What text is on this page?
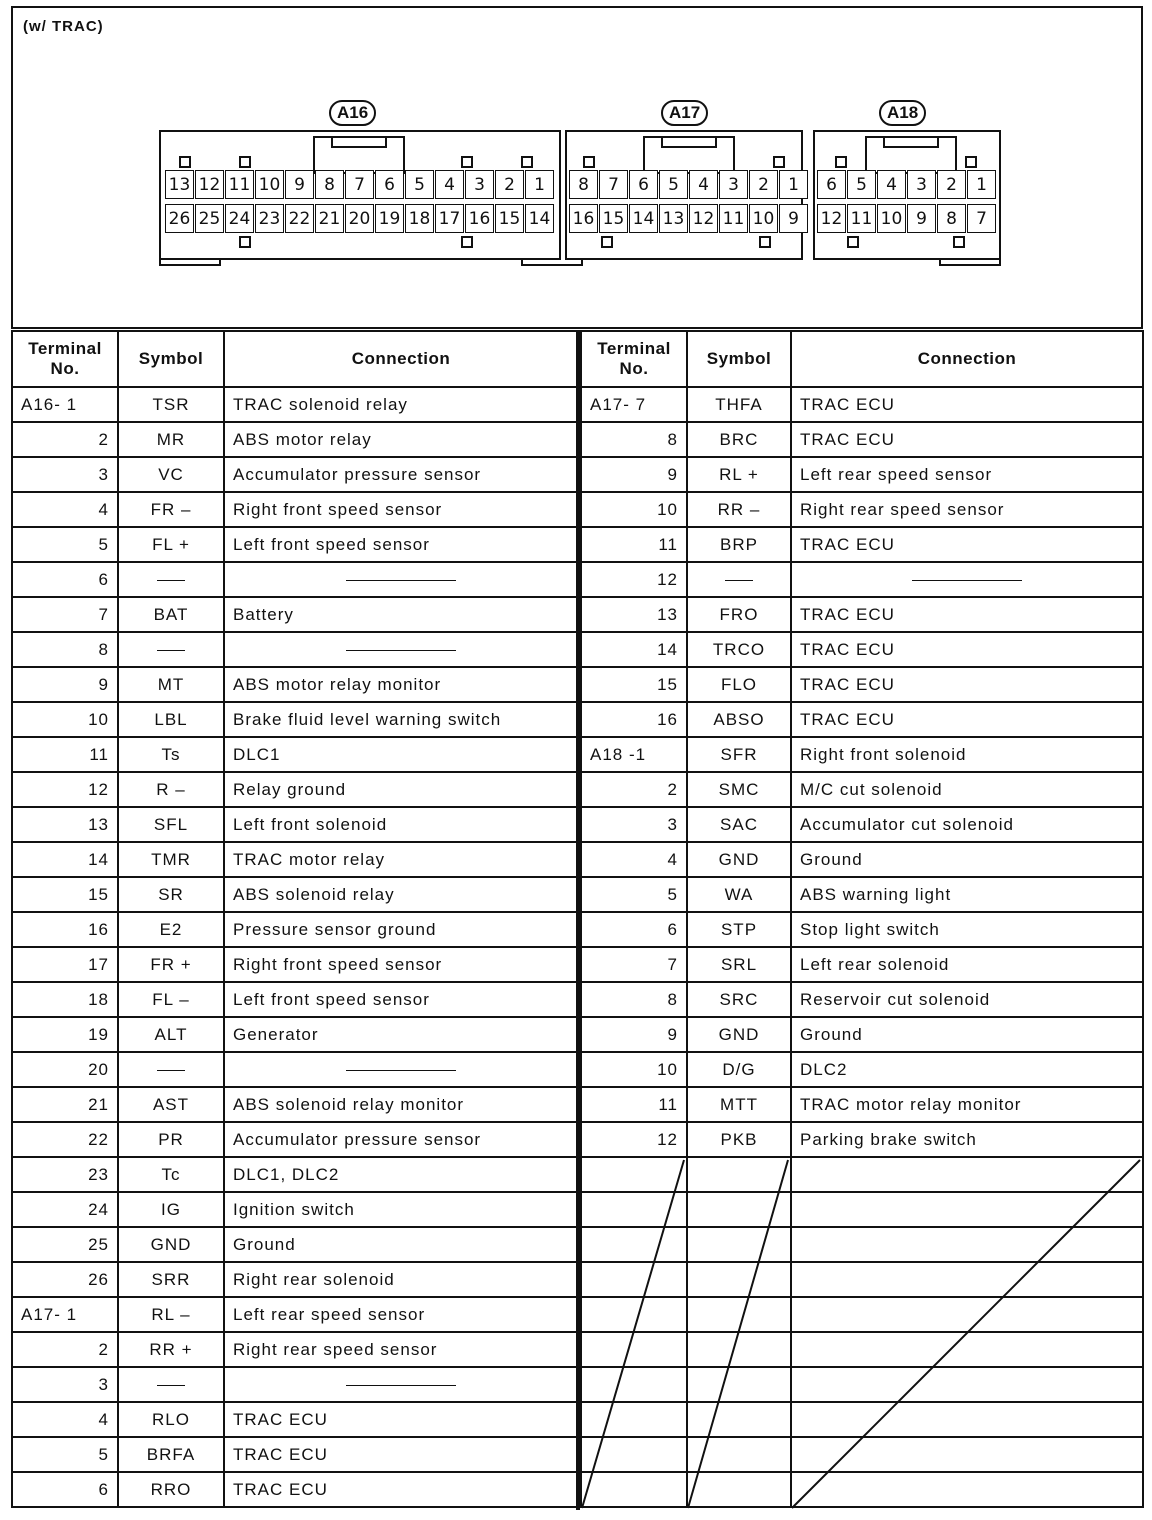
(w/ TRAC)
A16
13 12 11 10 9	8	7	6	5	4	3	2	1
26 25 24 23 22 21 20 19 18 17 16 15 14
A17
8	7	6	5	4	3	2	1
16 15 14 13 12 11 10 9
A18
6	5	4	3	2	1
12 11 10 9	8	7
Terminal No.	Symbol	Connection
A16- 1	TSR	TRAC solenoid relay
2	MR	ABS motor relay
3	VC	Accumulator pressure sensor
4	FR –	Right front speed sensor
5	FL +	Left front speed sensor
6		
7	BAT	Battery
8		
9	MT	ABS motor relay monitor
10	LBL	Brake fluid level warning switch
11	Ts	DLC1
12	R –	Relay ground
13	SFL	Left front solenoid
14	TMR	TRAC motor relay
15	SR	ABS solenoid relay
16	E2	Pressure sensor ground
17	FR +	Right front speed sensor
18	FL –	Left front speed sensor
19	ALT	Generator
20		
21	AST	ABS solenoid relay monitor
22	PR	Accumulator pressure sensor
23	Tc	DLC1, DLC2
24	IG	Ignition switch
25	GND	Ground
26	SRR	Right rear solenoid
A17- 1	RL –	Left rear speed sensor
2	RR +	Right rear speed sensor
3		
4	RLO	TRAC ECU
5	BRFA	TRAC ECU
6	RRO	TRAC ECU
Terminal No.	Symbol	Connection
A17- 7	THFA	TRAC ECU
8	BRC	TRAC ECU
9	RL +	Left rear speed sensor
10	RR –	Right rear speed sensor
11	BRP	TRAC ECU
12		
13	FRO	TRAC ECU
14	TRCO	TRAC ECU
15	FLO	TRAC ECU
16	ABSO	TRAC ECU
A18 -1	SFR	Right front solenoid
2	SMC	M/C cut solenoid
3	SAC	Accumulator cut solenoid
4	GND	Ground
5	WA	ABS warning light
6	STP	Stop light switch
7	SRL	Left rear solenoid
8	SRC	Reservoir cut solenoid
9	GND	Ground
10	D/G	DLC2
11	MTT	TRAC motor relay monitor
12	PKB	Parking brake switch
